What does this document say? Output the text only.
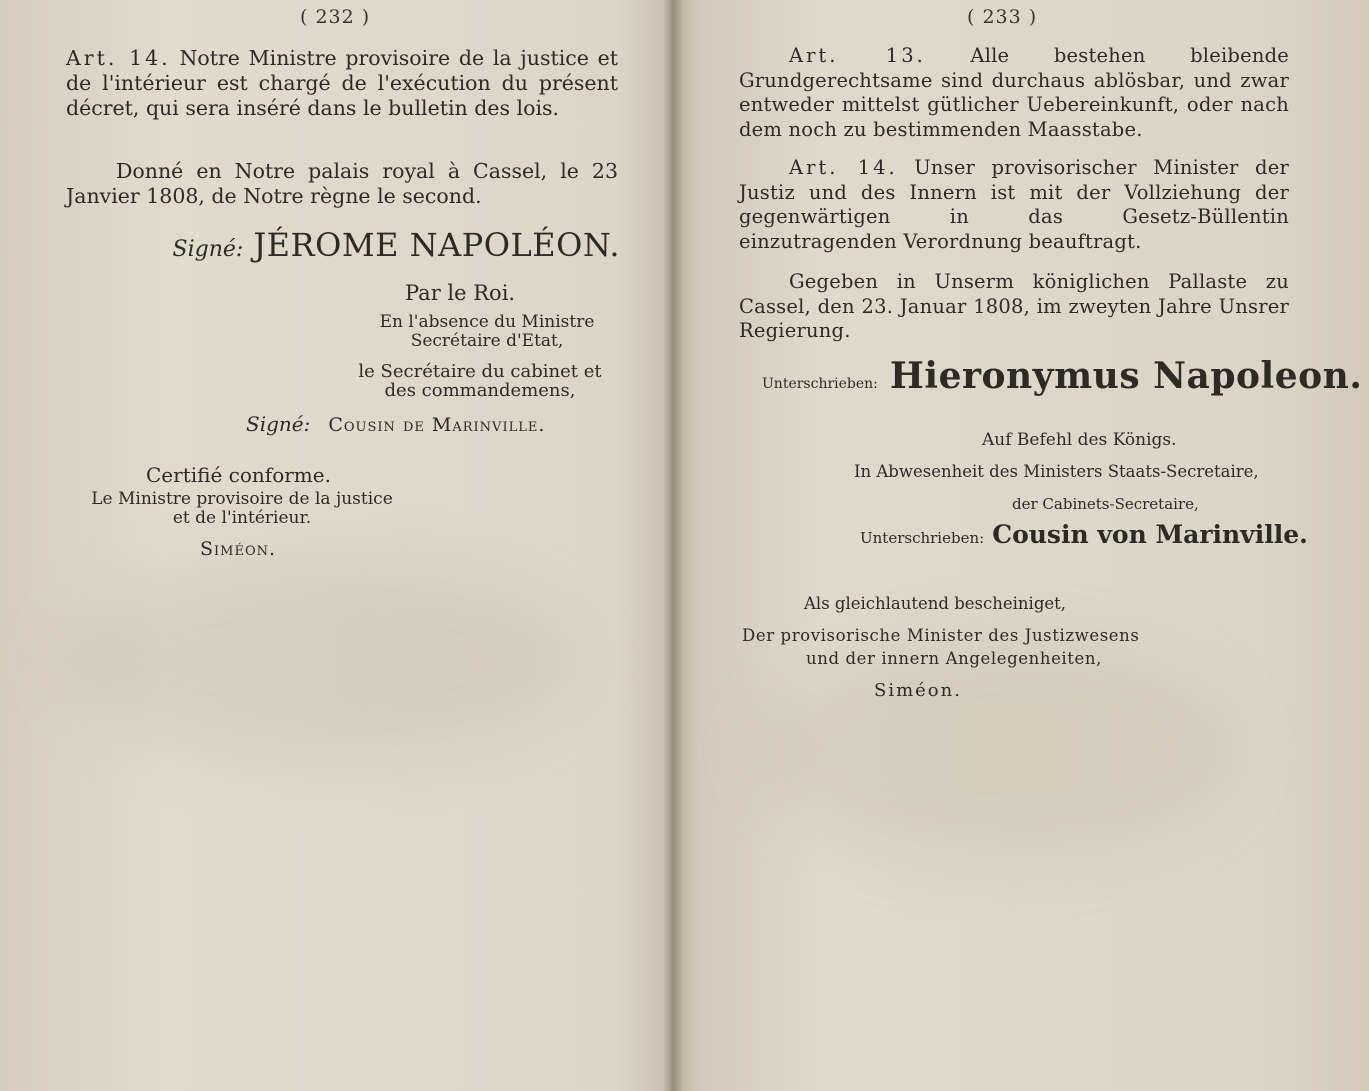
( 232 )
Art. 14. Notre Ministre provisoire de la justice et de l'intérieur est chargé de l'exécution du présent décret, qui sera inséré dans le bulletin des lois.
Donné en Notre palais royal à Cassel, le 23 Janvier 1808, de Notre règne le second.
Signé: JÉROME NAPOLÉON.
Par le Roi.
En l'absence du Ministre
Secrétaire d'Etat,
le Secrétaire du cabinet et
des commandemens,
Signé: Cousin de Marinville.
Certifié conforme.
Le Ministre provisoire de la justice
et de l'intérieur.
Siméon.
( 233 )
Art. 13. Alle bestehen bleibende Grundgerechtsame sind durchaus ablösbar, und zwar entweder mittelst gütlicher Uebereinkunft, oder nach dem noch zu bestimmenden Maasstabe.
Art. 14. Unser provisorischer Minister der Justiz und des Innern ist mit der Vollziehung der gegenwärtigen in das Gesetz-Büllentin einzutragenden Verordnung beauftragt.
Gegeben in Unserm königlichen Pallaste zu Cassel, den 23. Januar 1808, im zweyten Jahre Unsrer Regierung.
Unterschrieben: Hieronymus Napoleon.
Auf Befehl des Königs.
In Abwesenheit des Ministers Staats-Secretaire,
der Cabinets-Secretaire,
Unterschrieben: Cousin von Marinville.
Als gleichlautend bescheiniget,
Der provisorische Minister des Justizwesens
und der innern Angelegenheiten,
Siméon.
